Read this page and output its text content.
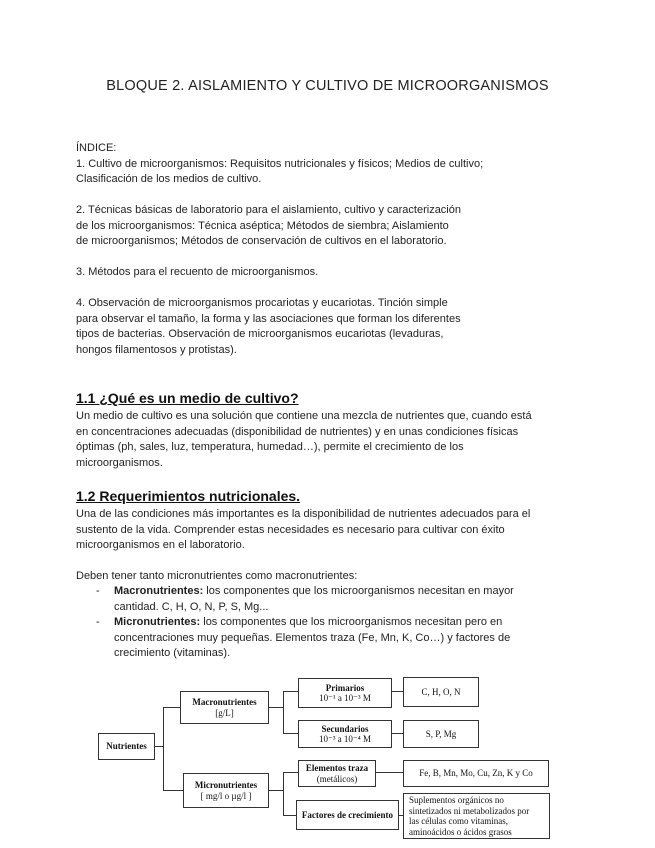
BLOQUE 2. AISLAMIENTO Y CULTIVO DE MICROORGANISMOS
ÍNDICE:
1. Cultivo de microorganismos: Requisitos nutricionales y físicos; Medios de cultivo;
Clasificación de los medios de cultivo.
2. Técnicas básicas de laboratorio para el aislamiento, cultivo y caracterización
de los microorganismos: Técnica aséptica; Métodos de siembra; Aislamiento
de microorganismos; Métodos de conservación de cultivos en el laboratorio.
3. Métodos para el recuento de microorganismos.
4. Observación de microorganismos procariotas y eucariotas. Tinción simple
para observar el tamaño, la forma y las asociaciones que forman los diferentes
tipos de bacterias. Observación de microorganismos eucariotas (levaduras,
hongos filamentosos y protistas).
1.1 ¿Qué es un medio de cultivo?
Un medio de cultivo es una solución que contiene una mezcla de nutrientes que, cuando está
en concentraciones adecuadas (disponibilidad de nutrientes) y en unas condiciones físicas
óptimas (ph, sales, luz, temperatura, humedad…), permite el crecimiento de los
microorganismos.
1.2 Requerimientos nutricionales.
Una de las condiciones más importantes es la disponibilidad de nutrientes adecuados para el
sustento de la vida. Comprender estas necesidades es necesario para cultivar con éxito
microorganismos en el laboratorio.
Deben tener tanto micronutrientes como macronutrientes:
- Macronutrientes: los componentes que los microorganismos necesitan en mayor
cantidad. C, H, O, N, P, S, Mg...
- Micronutrientes: los componentes que los microorganismos necesitan pero en
concentraciones muy pequeñas. Elementos traza (Fe, Mn, K, Co…) y factores de
crecimiento (vitaminas).
Nutrientes
Macronutrientes
[g/L]
Micronutrientes
[ mg/l o µg/l ]
Primarios
10⁻¹ a 10⁻³ M
Secundarios
10⁻³ a 10⁻⁴ M
Elementos traza
(metálicos)
Factores de crecimiento
C, H, O, N
S, P, Mg
Fe, B, Mn, Mo, Cu, Zn, K y Co
Suplementos orgánicos no
sintetizados ni metabolizados por
las células como vitaminas,
aminoácidos o ácidos grasos
